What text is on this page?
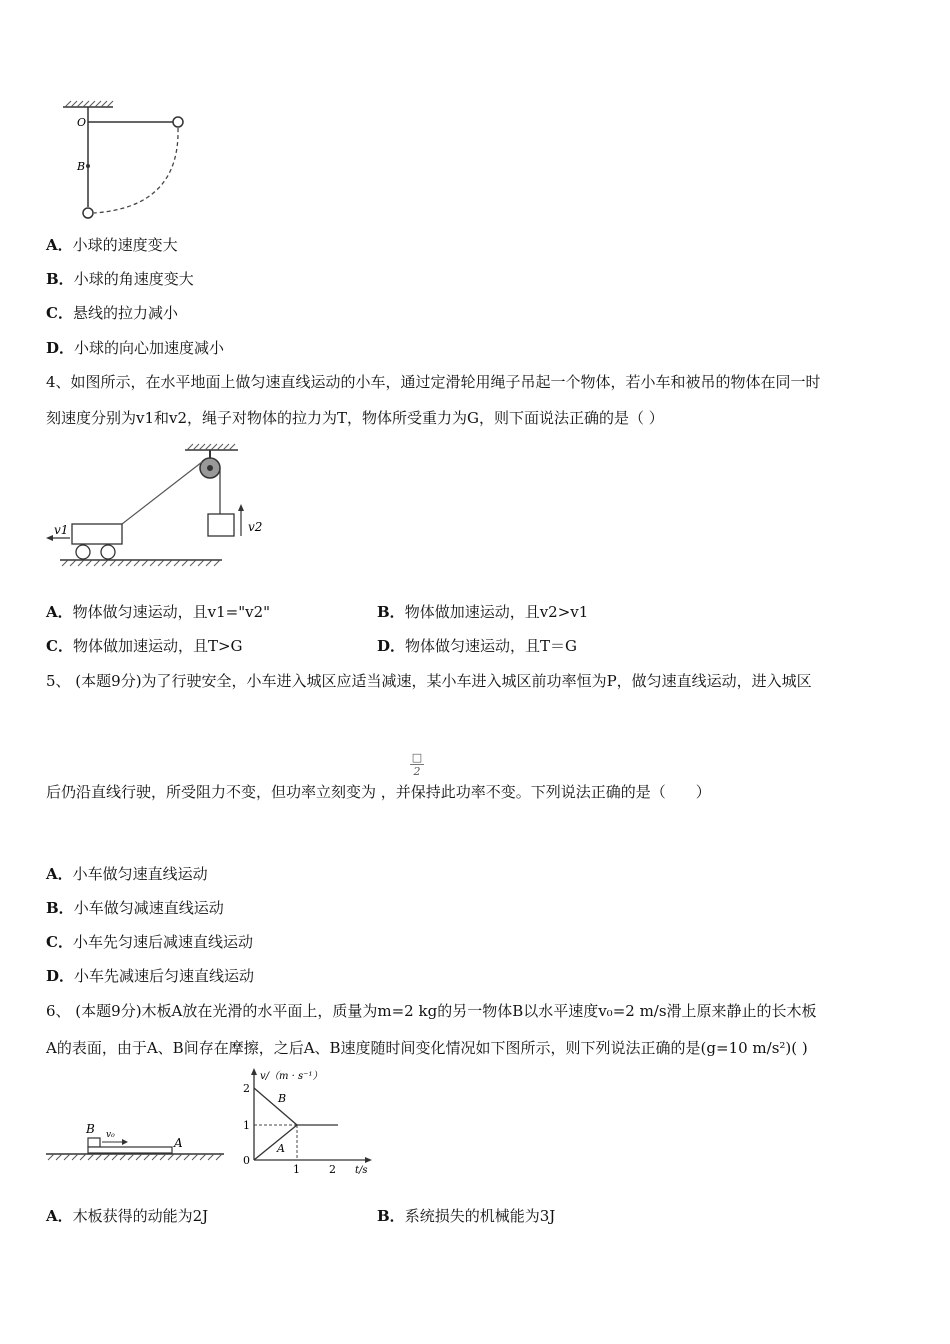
O
B
A．小球的速度变大
B．小球的角速度变大
C．悬线的拉力减小
D．小球的向心加速度减小
4、如图所示，在水平地面上做匀速直线运动的小车，通过定滑轮用绳子吊起一个物体，若小车和被吊的物体在同一时
刻速度分别为v1和v2，绳子对物体的拉力为T，物体所受重力为G，则下面说法正确的是（ ）
v2
v1
A．物体做匀速运动，且v1="v2"	B．物体做加速运动，且v2>v1
C．物体做加速运动，且T>G	D．物体做匀速运动，且T＝G
5、 (本题9分)为了行驶安全，小车进入城区应适当减速，某小车进入城区前功率恒为P，做匀速直线运动，进入城区
□
2
后仍沿直线行驶，所受阻力不变，但功率立刻变为 ，并保持此功率不变。下列说法正确的是（　　）
A．小车做匀速直线运动
B．小车做匀减速直线运动
C．小车先匀速后减速直线运动
D．小车先减速后匀速直线运动
6、 (本题9分)木板A放在光滑的水平面上，质量为m=2 kg的另一物体B以水平速度v₀=2 m/s滑上原来静止的长木板
A的表面，由于A、B间存在摩擦，之后A、B速度随时间变化情况如下图所示，则下列说法正确的是(g=10 m/s²)( )
B v₀
A
v/（m · s⁻¹）
t/s
2
1
0
1	2
B
A
A．木板获得的动能为2J	B．系统损失的机械能为3J
